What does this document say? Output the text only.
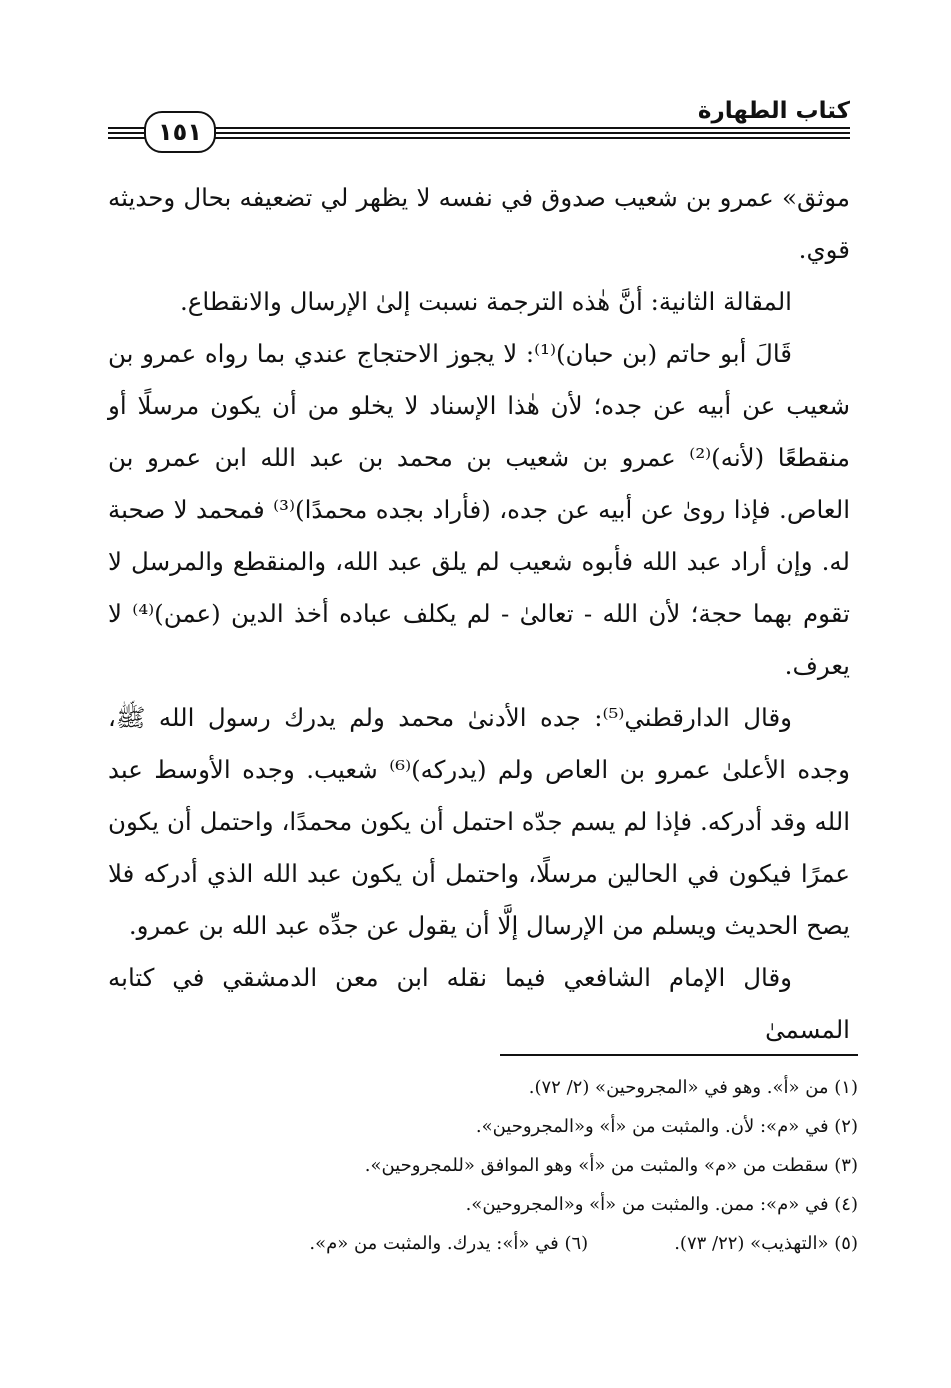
كتاب الطهارة
١٥١

موثق» عمرو بن شعيب صدوق في نفسه لا يظهر لي تضعيفه بحال وحديثه قوي.

المقالة الثانية: أنَّ هٰذه الترجمة نسبت إلىٰ الإرسال والانقطاع.

قَالَ أبو حاتم (بن حبان)⁽¹⁾: لا يجوز الاحتجاج عندي بما رواه عمرو بن شعيب عن أبيه عن جده؛ لأن هٰذا الإسناد لا يخلو من أن يكون مرسلًا أو منقطعًا (لأنه)⁽²⁾ عمرو بن شعيب بن محمد بن عبد الله ابن عمرو بن العاص. فإذا روىٰ عن أبيه عن جده، (فأراد بجده محمدًا)⁽³⁾ فمحمد لا صحبة له. وإن أراد عبد الله فأبوه شعيب لم يلق عبد الله، والمنقطع والمرسل لا تقوم بهما حجة؛ لأن الله - تعالىٰ - لم يكلف عباده أخذ الدين (عمن)⁽⁴⁾ لا يعرف.

وقال الدارقطني⁽⁵⁾: جده الأدنىٰ محمد ولم يدرك رسول الله ﷺ، وجده الأعلىٰ عمرو بن العاص ولم (يدركه)⁽⁶⁾ شعيب. وجده الأوسط عبد الله وقد أدركه. فإذا لم يسم جدّه احتمل أن يكون محمدًا، واحتمل أن يكون عمرًا فيكون في الحالين مرسلًا، واحتمل أن يكون عبد الله الذي أدركه فلا يصح الحديث ويسلم من الإرسال إلَّا أن يقول عن جدِّه عبد الله بن عمرو.

وقال الإمام الشافعي فيما نقله ابن معن الدمشقي في كتابه المسمىٰ

(١) من «أ». وهو في «المجروحين» (٢/ ٧٢).

(٢) في «م»: لأن. والمثبت من «أ» و«المجروحين».

(٣) سقطت من «م» والمثبت من «أ» وهو الموافق «للمجروحين».

(٤) في «م»: ممن. والمثبت من «أ» و«المجروحين».

(٥) «التهذيب» (٢٢/ ٧٣).
(٦) في «أ»: يدرك. والمثبت من «م».
